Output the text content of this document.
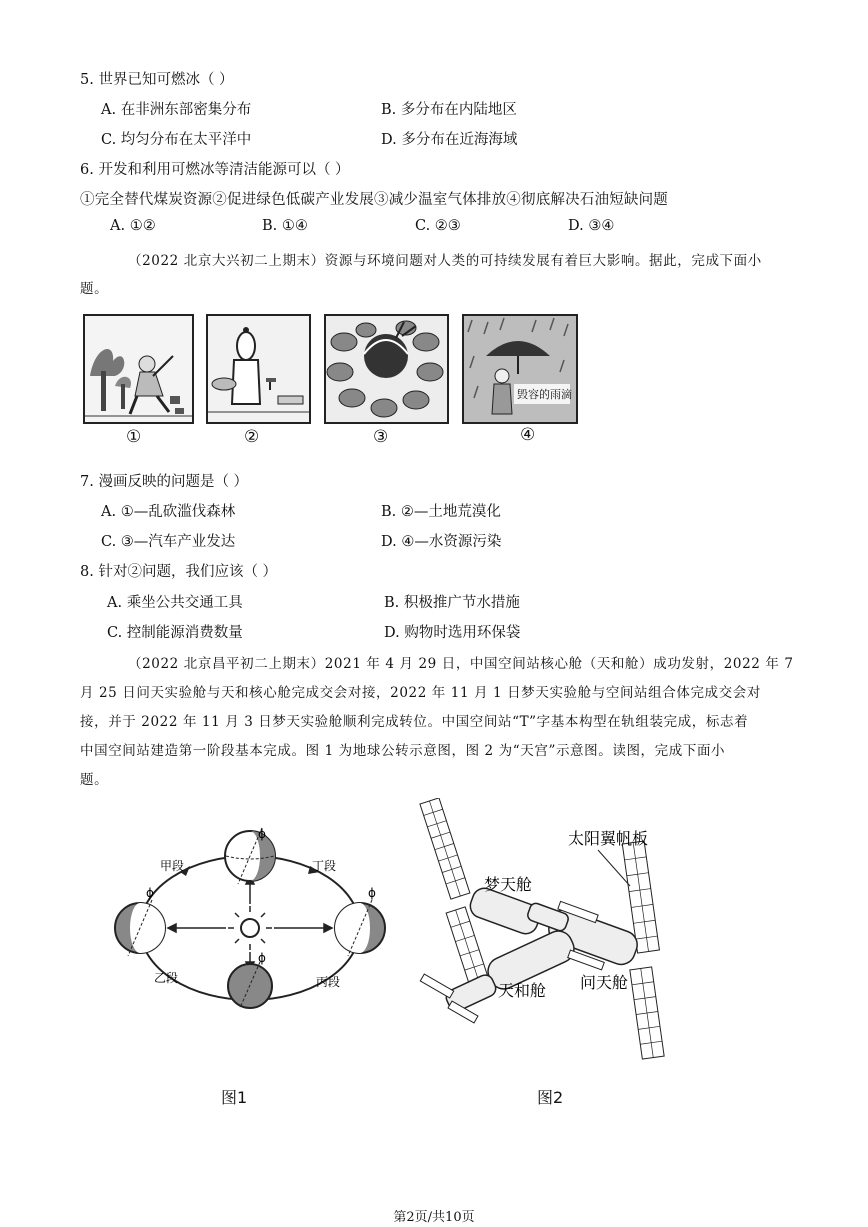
5. 世界已知可燃冰（ ）
A. 在非洲东部密集分布	B. 多分布在内陆地区
C. 均匀分布在太平洋中	D. 多分布在近海海域
6. 开发和利用可燃冰等清洁能源可以（ ）
①完全替代煤炭资源②促进绿色低碳产业发展③减少温室气体排放④彻底解决石油短缺问题
A. ①②	B. ①④	C. ②③	D. ③④
（2022 北京大兴初二上期末）资源与环境问题对人类的可持续发展有着巨大影响。据此，完成下面小
题。
毁容的雨滴
①	②	③	④
7. 漫画反映的问题是（ ）
A. ①—乱砍滥伐森林	B. ②—土地荒漠化
C. ③—汽车产业发达	D. ④—水资源污染
8. 针对②问题，我们应该（ ）
A. 乘坐公共交通工具	B. 积极推广节水措施
C. 控制能源消费数量	D. 购物时选用环保袋
（2022 北京昌平初二上期末）2021 年 4 月 29 日，中国空间站核心舱（天和舱）成功发射，2022 年 7
月 25 日问天实验舱与天和核心舱完成交会对接，2022 年 11 月 1 日梦天实验舱与空间站组合体完成交会对
接，并于 2022 年 11 月 3 日梦天实验舱顺利完成转位。中国空间站“T”字基本构型在轨组装完成，标志着
中国空间站建造第一阶段基本完成。图 1 为地球公转示意图，图 2 为“天宫”示意图。读图，完成下面小
题。
ϕ
ϕ	ϕ
ϕ
甲段	丁段
乙段	丙段
图1
太阳翼帆板
梦天舱
天和舱 问天舱
图2
第2页/共10页
